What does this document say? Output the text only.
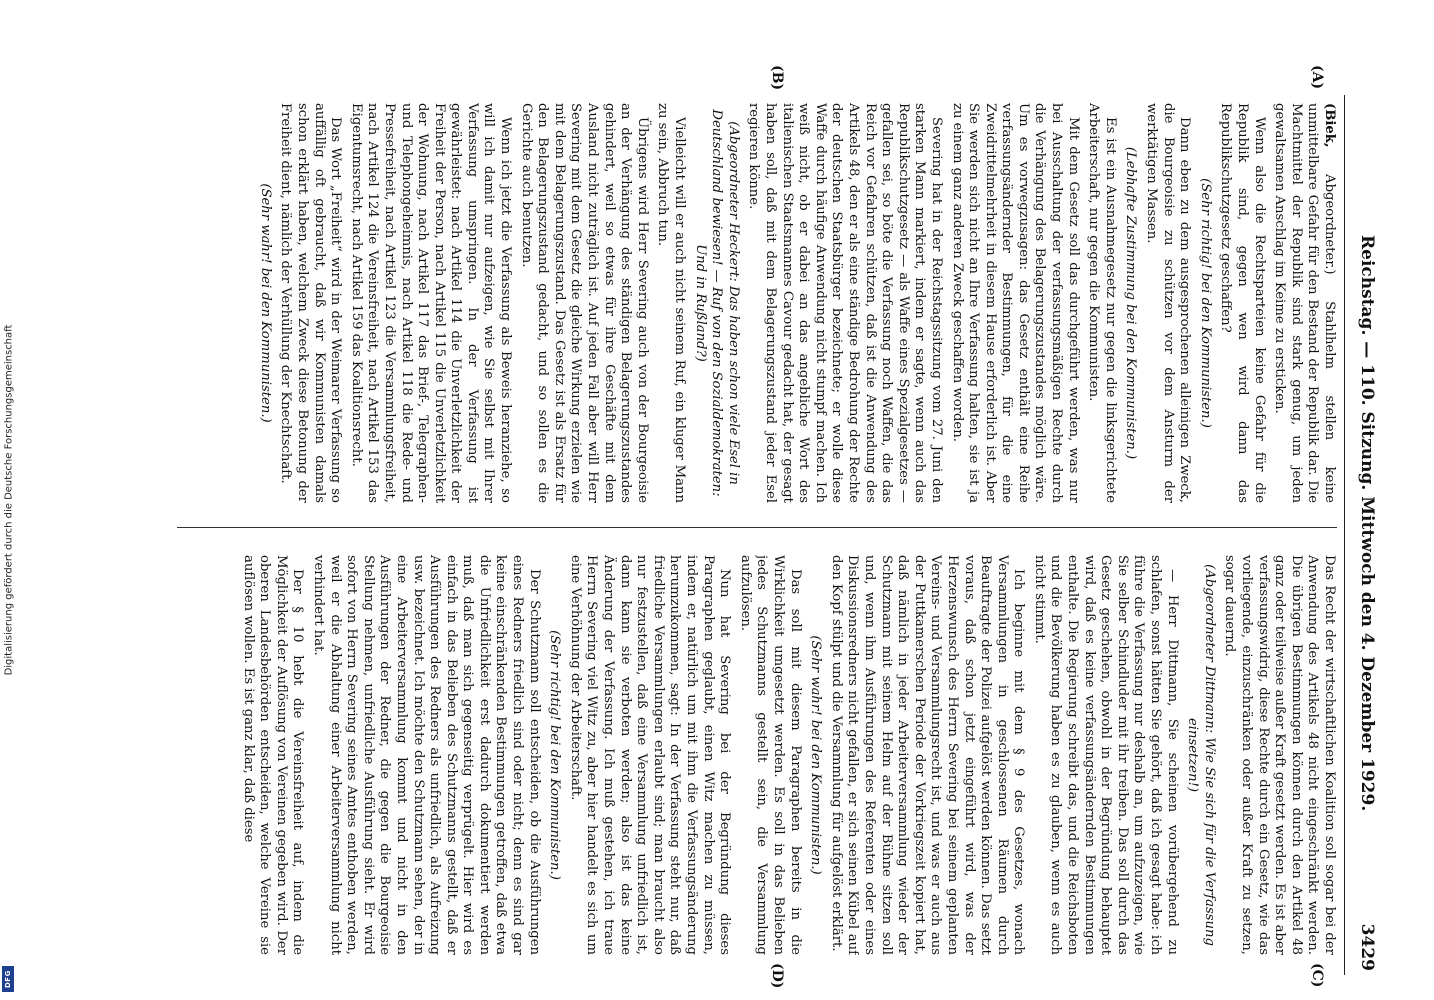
Digitalisierung gefördert durch die Deutsche Forschungsgemeinschaft
DFG
Reichstag. — 110. Sitzung. Mittwoch den 4. Dezember 1929.
3429
(A)
(B)
(C)
(D)

(Biek, Abgeordneter.) Stahlhelm stellen keine unmittelbare Gefahr für den Bestand der Republik dar. Die Machtmittel der Republik sind stark genug, um jeden gewaltsamen Anschlag im Keime zu ersticken.

Wenn also die Rechtsparteien keine Gefahr für die Republik sind, gegen wen wird dann das Republikschutzgesetz geschaffen?

(Sehr richtig! bei den Kommunisten.)

Dann eben zu dem ausgesprochenen alleinigen Zweck, die Bourgeoisie zu schützen vor dem Ansturm der werktätigen Massen.

(Lebhafte Zustimmung bei den Kommunisten.)

Es ist ein Ausnahmegesetz nur gegen die linksgerichtete Arbeiterschaft, nur gegen die Kommunisten.

Mit dem Gesetz soll das durchgeführt werden, was nur bei Ausschaltung der verfassungsmäßigen Rechte durch die Verhängung des Belagerungszustandes möglich wäre. Um es vorwegzusagen: das Gesetz enthält eine Reihe verfassungsändernder Bestimmungen, für die eine Zweidrittelmehrheit in diesem Hause erforderlich ist. Aber Sie werden sich nicht an Ihre Verfassung halten, sie ist ja zu einem ganz anderen Zweck geschaffen worden.

Severing hat in der Reichstagssitzung vom 27. Juni den starken Mann markiert, indem er sagte, wenn auch das Republikschutzgesetz — als Waffe eines Spezialgesetzes — gefallen sei, so böte die Verfassung noch Waffen, die das Reich vor Gefahren schützen, daß ist die Anwendung des Artikels 48, den er als eine ständige Bedrohung der Rechte der deutschen Staatsbürger bezeichnete; er wolle diese Waffe durch häufige Anwendung nicht stumpf machen. Ich weiß nicht, ob er dabei an das angebliche Wort des italienischen Staatsmannes Cavour gedacht hat, der gesagt haben soll, daß mit dem Belagerungszustand jeder Esel regieren könne.

(Abgeordneter Heckert: Das haben schon viele Esel in Deutschland bewiesen! — Ruf von den Sozialdemokraten: Und in Rußland?)

Vielleicht will er auch nicht seinem Ruf, ein kluger Mann zu sein, Abbruch tun.

Übrigens wird Herr Severing auch von der Bourgeoisie an der Verhängung des ständigen Belagerungszustandes gehindert, weil so etwas für ihre Geschäfte mit dem Ausland nicht zuträglich ist. Auf jeden Fall aber will Herr Severing mit dem Gesetz die gleiche Wirkung erzielen wie mit dem Belagerungszustand. Das Gesetz ist als Ersatz für den Belagerungszustand gedacht, und so sollen es die Gerichte auch benutzen.

Wenn ich jetzt die Verfassung als Beweis heranziehe, so will ich damit nur aufzeigen, wie Sie selbst mit Ihrer Verfassung umspringen. In der Verfassung ist gewährleistet: nach Artikel 114 die Unverletzlichkeit der Freiheit der Person, nach Artikel 115 die Unverletzlichkeit der Wohnung, nach Artikel 117 das Brief-, Telegraphen- und Telephongeheimnis, nach Artikel 118 die Rede- und Pressefreiheit, nach Artikel 123 die Versammlungsfreiheit, nach Artikel 124 die Vereinsfreiheit, nach Artikel 153 das Eigentumsrecht, nach Artikel 159 das Koalitionsrecht.

Das Wort „Freiheit“ wird in der Weimarer Verfassung so auffällig oft gebraucht, daß wir Kommunisten damals schon erklärt haben, welchem Zweck diese Betonung der Freiheit dient, nämlich der Verhüllung der Knechtschaft.

(Sehr wahr! bei den Kommunisten.)

Das Recht der wirtschaftlichen Koalition soll sogar bei der Anwendung des Artikels 48 nicht eingeschränkt werden. Die übrigen Bestimmungen können durch den Artikel 48 ganz oder teilweise außer Kraft gesetzt werden. Es ist aber verfassungswidrig, diese Rechte durch ein Gesetz, wie das vorliegende, einzuschränken oder außer Kraft zu setzen, sogar dauernd.

(Abgeordneter Dittmann: Wie Sie sich für die Verfassung einsetzen!)

— Herr Dittmann, Sie scheinen vorübergehend zu schlafen, sonst hätten Sie gehört, daß ich gesagt habe: ich führe die Verfassung nur deshalb an, um aufzuzeigen, wie Sie selber Schindluder mit ihr treiben. Das soll durch das Gesetz geschehen, obwohl in der Begründung behauptet wird, daß es keine verfassungsändernden Bestimmungen enthalte. Die Regierung schreibt das, und die Reichsboten und die Bevölkerung haben es zu glauben, wenn es auch nicht stimmt.

Ich beginne mit dem § 9 des Gesetzes, wonach Versammlungen in geschlossenen Räumen durch Beauftragte der Polizei aufgelöst werden können. Das setzt voraus, daß schon jetzt eingeführt wird, was der Herzenswunsch des Herrn Severing bei seinem geplanten Vereins- und Versammlungsrecht ist, und was er auch aus der Puttkamerschen Periode der Vorkriegszeit kopiert hat, daß nämlich in jeder Arbeiterversammlung wieder der Schutzmann mit seinem Helm auf der Bühne sitzen soll und, wenn ihm Ausführungen des Referenten oder eines Diskussionsredners nicht gefallen, er sich seinen Kübel auf den Kopf stülpt und die Versammlung für aufgelöst erklärt.

(Sehr wahr! bei den Kommunisten.)

Das soll mit diesem Paragraphen bereits in die Wirklichkeit umgesetzt werden. Es soll in das Belieben jedes Schutzmanns gestellt sein, die Versammlung aufzulösen.

Nun hat Severing bei der Begründung dieses Paragraphen geglaubt, einen Witz machen zu müssen, indem er, natürlich um mit ihm die Verfassungsänderung herumzukommen, sagt: In der Verfassung steht nur, daß friedliche Versammlungen erlaubt sind; man braucht also nur festzustellen, daß eine Versammlung unfriedlich ist, dann kann sie verboten werden; also ist das keine Änderung der Verfassung. Ich muß gestehen, ich traue Herrn Severing viel Witz zu, aber hier handelt es sich um eine Verhöhnung der Arbeiterschaft.

(Sehr richtig! bei den Kommunisten.)

Der Schutzmann soll entscheiden, ob die Ausführungen eines Redners friedlich sind oder nicht; denn es sind gar keine einschränkenden Bestimmungen getroffen, daß etwa die Unfriedlichkeit erst dadurch dokumentiert werden muß, daß man sich gegenseitig verprügelt. Hier wird es einfach in das Belieben des Schutzmanns gestellt, daß er Ausführungen des Redners als unfriedlich, als Aufreizung usw. bezeichnet. Ich möchte den Schutzmann sehen, der in eine Arbeiterversammlung kommt und nicht in den Ausführungen der Redner, die gegen die Bourgeoisie Stellung nehmen, unfriedliche Ausführung sieht. Er wird sofort von Herrn Severing seines Amtes enthoben werden, weil er die Abhaltung einer Arbeiterversammlung nicht verhindert hat.

Der § 10 hebt die Vereinsfreiheit auf, indem die Möglichkeit der Auflösung von Vereinen gegeben wird. Der oberen Landesbehörden entscheiden, welche Vereine sie auflösen wollen. Es ist ganz klar, daß diese
